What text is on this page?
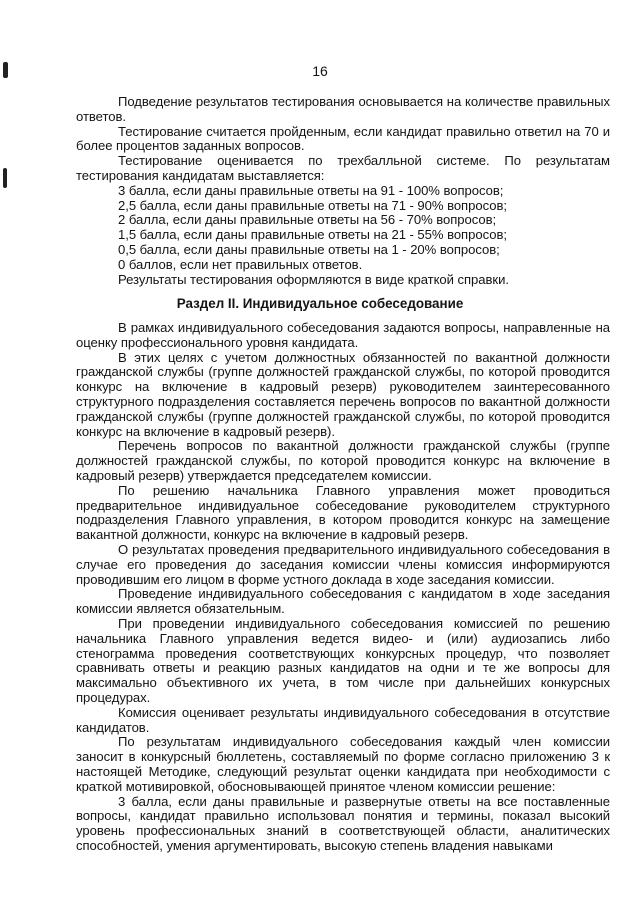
16

Подведение результатов тестирования основывается на количестве правильных ответов.

Тестирование считается пройденным, если кандидат правильно ответил на 70 и более процентов заданных вопросов.

Тестирование оценивается по трехбалльной системе. По результатам тестирования кандидатам выставляется:

3 балла, если даны правильные ответы на 91 - 100% вопросов;

2,5 балла, если даны правильные ответы на 71 - 90% вопросов;

2 балла, если даны правильные ответы на 56 - 70% вопросов;

1,5 балла, если даны правильные ответы на 21 - 55% вопросов;

0,5 балла, если даны правильные ответы на 1 - 20% вопросов;

0 баллов, если нет правильных ответов.

Результаты тестирования оформляются в виде краткой справки.

Раздел II. Индивидуальное собеседование

В рамках индивидуального собеседования задаются вопросы, направленные на оценку профессионального уровня кандидата.

В этих целях с учетом должностных обязанностей по вакантной должности гражданской службы (группе должностей гражданской службы, по которой проводится конкурс на включение в кадровый резерв) руководителем заинтересованного структурного подразделения составляется перечень вопросов по вакантной должности гражданской службы (группе должностей гражданской службы, по которой проводится конкурс на включение в кадровый резерв).

Перечень вопросов по вакантной должности гражданской службы (группе должностей гражданской службы, по которой проводится конкурс на включение в кадровый резерв) утверждается председателем комиссии.

По решению начальника Главного управления может проводиться предварительное индивидуальное собеседование руководителем структурного подразделения Главного управления, в котором проводится конкурс на замещение вакантной должности, конкурс на включение в кадровый резерв.

О результатах проведения предварительного индивидуального собеседования в случае его проведения до заседания комиссии члены комиссия информируются проводившим его лицом в форме устного доклада в ходе заседания комиссии.

Проведение индивидуального собеседования с кандидатом в ходе заседания комиссии является обязательным.

При проведении индивидуального собеседования комиссией по решению начальника Главного управления ведется видео- и (или) аудиозапись либо стенограмма проведения соответствующих конкурсных процедур, что позволяет сравнивать ответы и реакцию разных кандидатов на одни и те же вопросы для максимально объективного их учета, в том числе при дальнейших конкурсных процедурах.

Комиссия оценивает результаты индивидуального собеседования в отсутствие кандидатов.

По результатам индивидуального собеседования каждый член комиссии заносит в конкурсный бюллетень, составляемый по форме согласно приложению 3 к настоящей Методике, следующий результат оценки кандидата при необходимости с краткой мотивировкой, обосновывающей принятое членом комиссии решение:

3 балла, если даны правильные и развернутые ответы на все поставленные вопросы, кандидат правильно использовал понятия и термины, показал высокий уровень профессиональных знаний в соответствующей области, аналитических способностей, умения аргументировать, высокую степень владения навыками
